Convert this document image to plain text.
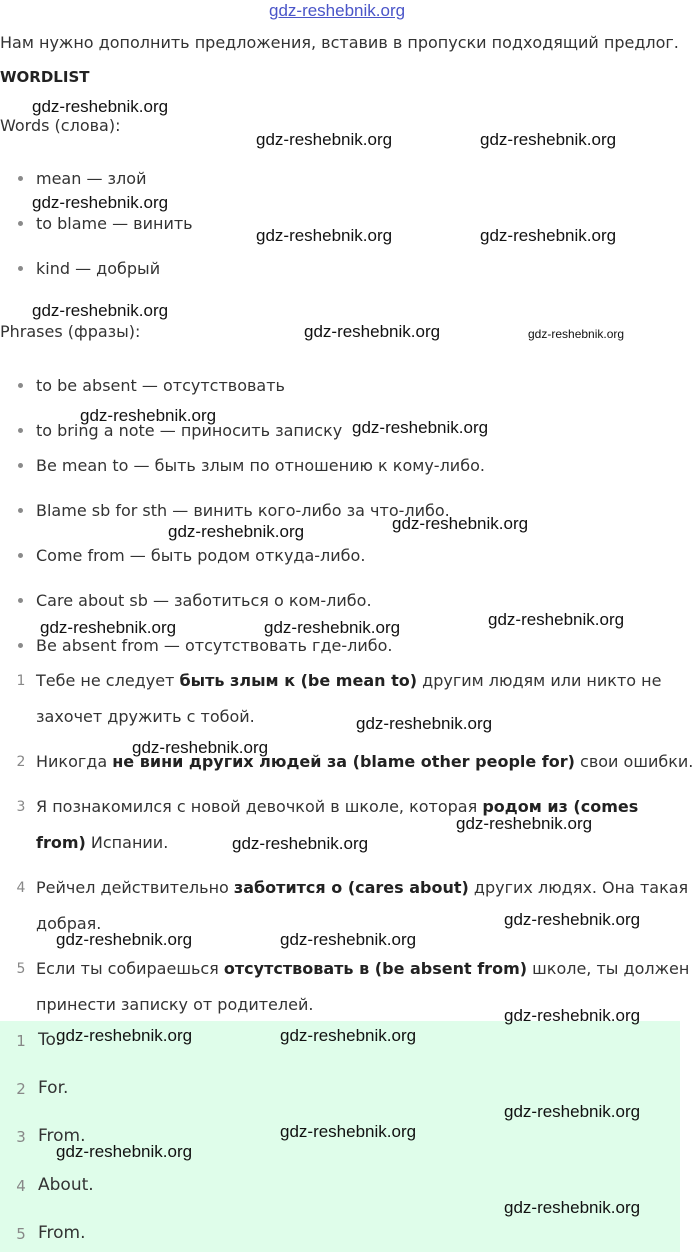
gdz-reshebnik.org
Нам нужно дополнить предложения, вставив в пропуски подходящий предлог.
WORDLIST
Words (слова):
mean — злой
to blame — винить
kind — добрый
Phrases (фразы):
to be absent — отсутствовать
to bring a note — приносить записку
Be mean to — быть злым по отношению к кому-либо.
Blame sb for sth — винить кого-либо за что-либо.
Come from — быть родом откуда-либо.
Care about sb — заботиться о ком-либо.
Be absent from — отсутствовать где-либо.
1 Тебе не следует быть злым к (be mean to) другим людям или никто не
захочет дружить с тобой.
2 Никогда не вини других людей за (blame other people for) свои ошибки.
3 Я познакомился с новой девочкой в школе, которая родом из (comes
from) Испании.
4 Рейчел действительно заботится о (cares about) других людях. Она такая
добрая.
5 Если ты собираешься отсутствовать в (be absent from) школе, ты должен
принести записку от родителей.
1 To.
2 For.
3 From.
4 About.
5 From.
gdz-reshebnik.org
gdz-reshebnik.org	gdz-reshebnik.org
gdz-reshebnik.org
gdz-reshebnik.org	gdz-reshebnik.org
gdz-reshebnik.org
gdz-reshebnik.org	gdz-reshebnik.org
gdz-reshebnik.org
gdz-reshebnik.org
gdz-reshebnik.org
gdz-reshebnik.org
gdz-reshebnik.org
gdz-reshebnik.org	gdz-reshebnik.org
gdz-reshebnik.org
gdz-reshebnik.org
gdz-reshebnik.org
gdz-reshebnik.org
gdz-reshebnik.org
gdz-reshebnik.org	gdz-reshebnik.org
gdz-reshebnik.org
gdz-reshebnik.org	gdz-reshebnik.org
gdz-reshebnik.org
gdz-reshebnik.org
gdz-reshebnik.org
gdz-reshebnik.org
